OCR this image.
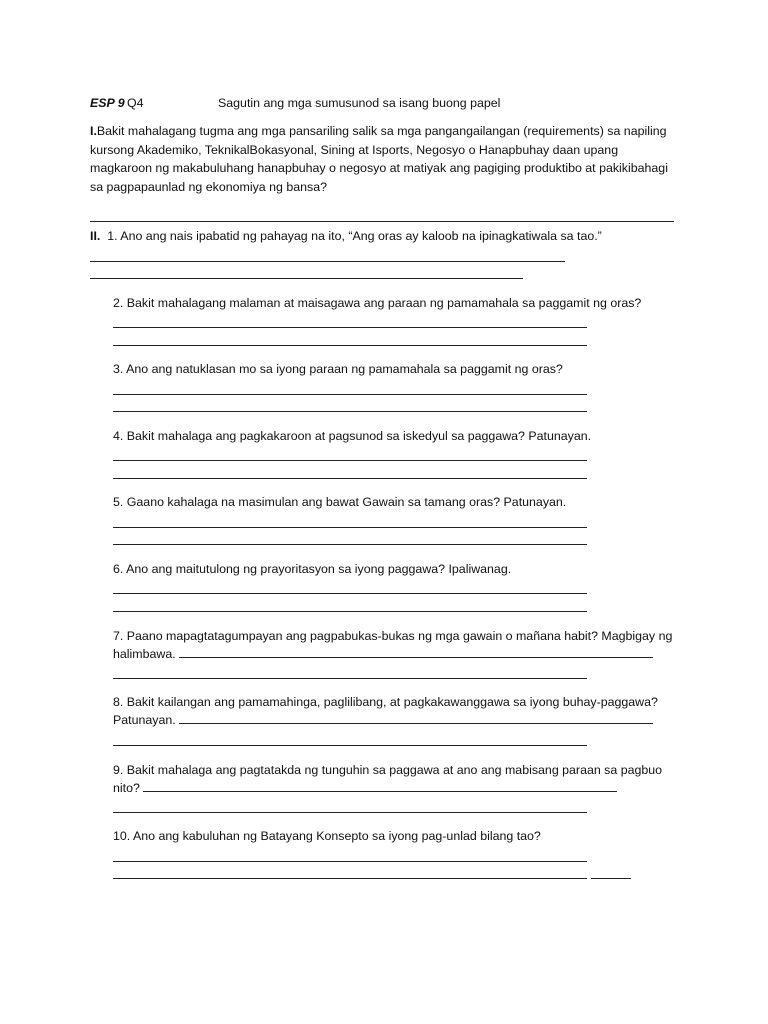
ESP 9 Q4	Sagutin ang mga sumusunod sa isang buong papel
I.Bakit mahalagang tugma ang mga pansariling salik sa mga pangangailangan (requirements) sa napiling kursong Akademiko, TeknikalBokasyonal, Sining at Isports, Negosyo o Hanapbuhay daan upang magkaroon ng makabuluhang hanapbuhay o negosyo at matiyak ang pagiging produktibo at pakikibahagi sa pagpapaunlad ng ekonomiya ng bansa?
II. 1. Ano ang nais ipabatid ng pahayag na ito, “Ang oras ay kaloob na ipinagkatiwala sa tao.”
2. Bakit mahalagang malaman at maisagawa ang paraan ng pamamahala sa paggamit ng oras?
3. Ano ang natuklasan mo sa iyong paraan ng pamamahala sa paggamit ng oras?
4. Bakit mahalaga ang pagkakaroon at pagsunod sa iskedyul sa paggawa? Patunayan.
5. Gaano kahalaga na masimulan ang bawat Gawain sa tamang oras? Patunayan.
6. Ano ang maitutulong ng prayoritasyon sa iyong paggawa? Ipaliwanag.
7. Paano mapagtatagumpayan ang pagpabukas-bukas ng mga gawain o mañana habit? Magbigay ng
halimbawa.
8. Bakit kailangan ang pamamahinga, paglilibang, at pagkakawanggawa sa iyong buhay-paggawa?
Patunayan.
9. Bakit mahalaga ang pagtatakda ng tunguhin sa paggawa at ano ang mabisang paraan sa pagbuo
nito?
10. Ano ang kabuluhan ng Batayang Konsepto sa iyong pag-unlad bilang tao?
